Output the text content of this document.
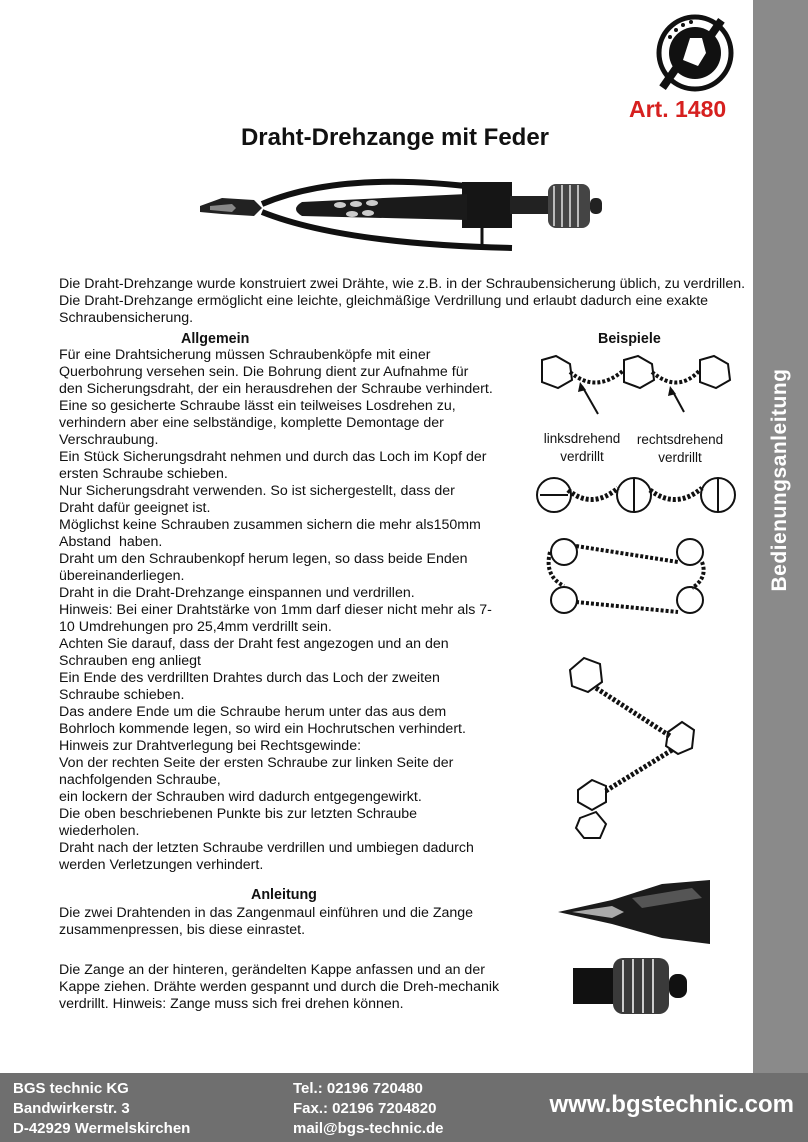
Bedienungsanleitung
Art. 1480
Draht-Drehzange mit Feder

Die Draht-Drehzange wurde konstruiert zwei Drähte, wie z.B. in der Schraubensicherung üblich, zu verdrillen. Die Draht-Drehzange ermöglicht eine leichte, gleichmäßige Verdrillung und erlaubt dadurch eine exakte Schraubensicherung.

Allgemein	Beispiele
Für eine Drahtsicherung müssen Schraubenköpfe mit einer
Querbohrung versehen sein. Die Bohrung dient zur Aufnahme für
den Sicherungsdraht, der ein herausdrehen der Schraube verhindert.
Eine so gesicherte Schraube lässt ein teilweises Losdrehen zu,
verhindern aber eine selbständige, komplette Demontage der
Verschraubung.
Ein Stück Sicherungsdraht nehmen und durch das Loch im Kopf der
ersten Schraube schieben.
Nur Sicherungsdraht verwenden. So ist sichergestellt, dass der
Draht dafür geeignet ist.
Möglichst keine Schrauben zusammen sichern die mehr als150mm
Abstand  haben.
Draht um den Schraubenkopf herum legen, so dass beide Enden
übereinanderliegen.
Draht in die Draht-Drehzange einspannen und verdrillen.
Hinweis: Bei einer Drahtstärke von 1mm darf dieser nicht mehr als 7-
10 Umdrehungen pro 25,4mm verdrillt sein.
Achten Sie darauf, dass der Draht fest angezogen und an den
Schrauben eng anliegt
Ein Ende des verdrillten Drahtes durch das Loch der zweiten
Schraube schieben.
Das andere Ende um die Schraube herum unter das aus dem
Bohrloch kommende legen, so wird ein Hochrutschen verhindert.
Hinweis zur Drahtverlegung bei Rechtsgewinde:
Von der rechten Seite der ersten Schraube zur linken Seite der
nachfolgenden Schraube,
ein lockern der Schrauben wird dadurch entgegengewirkt.
Die oben beschriebenen Punkte bis zur letzten Schraube
wiederholen.
Draht nach der letzten Schraube verdrillen und umbiegen dadurch
werden Verletzungen verhindert.
linksdrehend
verdrillt
rechtsdrehend
verdrillt
Anleitung

Die zwei Drahtenden in das Zangenmaul einführen und die Zange zusammenpressen, bis diese einrastet.

Die Zange an der hinteren, gerändelten Kappe anfassen und an der Kappe ziehen. Drähte werden gespannt und durch die Dreh-mechanik verdrillt. Hinweis: Zange muss sich frei drehen können.

BGS technic KG
Bandwirkerstr. 3
D-42929 Wermelskirchen
Tel.: 02196 720480
Fax.: 02196 7204820
mail@bgs-technic.de
www.bgstechnic.com
